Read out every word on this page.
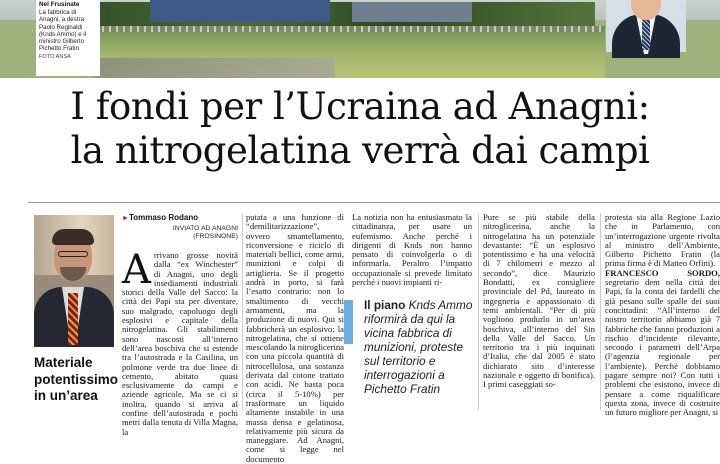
Nel Frusinate
La fabbrica di Anagni, a destra Paolo Reginaldi (Knds Ammo) e il ministro Gilberto Pichetto Fratin
FOTO ANSA
I fondi per l’Ucraina ad Anagni:
la nitrogelatina verrà dai campi
Materiale
potentissimo
in un’area
►Tommaso Rodano
INVIATO AD ANAGNI
(FROSINONE)
A rrivano grosse novità dalla “ex Winchester” di Anagni, uno degli insediamenti industriali storici della Valle del Sacco: la città dei Papi sta per diventare, suo malgrado, capoluogo degli esplosivi e capitale della nitrogelatina. Gli stabilimenti sono nascosti all’interno dell’area boschiva che si estende tra l’autostrada e la Casilina, un polmone verde tra due linee di cemento, abitato quasi esclusivamente da campi e aziende agricole. Ma se ci si inoltra, quando si arriva al confine dell’autostrada e pochi metri dalla tenuta di Villa Magna, la

putata a una funzione di “demilitarizzazione”, ovvero smantellamento, riconversione e riciclo di materiali bellici, come armi, munizioni e colpi di artiglieria. Se il progetto andrà in porto, si farà l’esatto contrario: non lo smaltimento di vecchi armamenti, ma la produzione di nuovi. Qui si fabbricherà un esplosivo: la nitrogelatina, che si ottiene mescolando la nitroglicerina con una piccola quantità di nitrocellulosa, una sostanza derivata dal cotone trattato con acidi. Ne basta poca (circa il 5-10%) per trasformare un liquido altamente instabile in una massa densa e gelatinosa, relativamente più sicura da maneggiare. Ad Anagni, come si legge nel documento

La notizia non ha entusiasmato la cittadinanza, per usare un eufemismo. Anche perché i dirigenti di Knds non hanno pensato di coinvolgerla o di informarla. Peraltro l’impatto occupazionale si prevede limitato perché i nuovi impianti ri-

Il piano Knds Ammo riformirà da qui la vicina fabbrica di munizioni, proteste sul territorio e interrogazioni a Pichetto Fratin

Pure se più stabile della nitroglicerina, anche la nitrogelatina ha un potenziale devastante: “È un esplosivo potentissimo e ha una velocità di 7 chilometri e mezzo al secondo”, dice Maurizio Bondatti, ex consigliere provinciale del Pd, laureato in ingegneria e appassionato di temi ambientali. “Per di più vogliono produrlo in un’area boschiva, all’interno del Sin della Valle del Sacco. Un territorio tra i più inquinati d’Italia, che dal 2005 è stato dichiarato sito d’interesse nazionale e oggetto di bonifica). I primi caseggiati so-

protesta sia alla Regione Lazio che in Parlamento, con un’interrogazione urgente rivolta al ministro dell’Ambiente, Gilberto Pichetto Fratin (la prima firma è di Matteo Orfini).

FRANCESCO SORDO, segretario dem nella città dei Papi, fa la conta dei fardelli che già pesano sulle spalle dei suoi concittadini: “All’interno del nostro territorio abbiamo già 7 fabbriche che fanno produzioni a rischio d’incidente rilevante, secondo i parametri dell’Arpa (l’agenzia regionale per l’ambiente). Perché dobbiamo pagare sempre noi? Con tutti i problemi che esistono, invece di pensare a come riqualificare questa zona, invece di costruire un futuro migliore per Anagni, si
